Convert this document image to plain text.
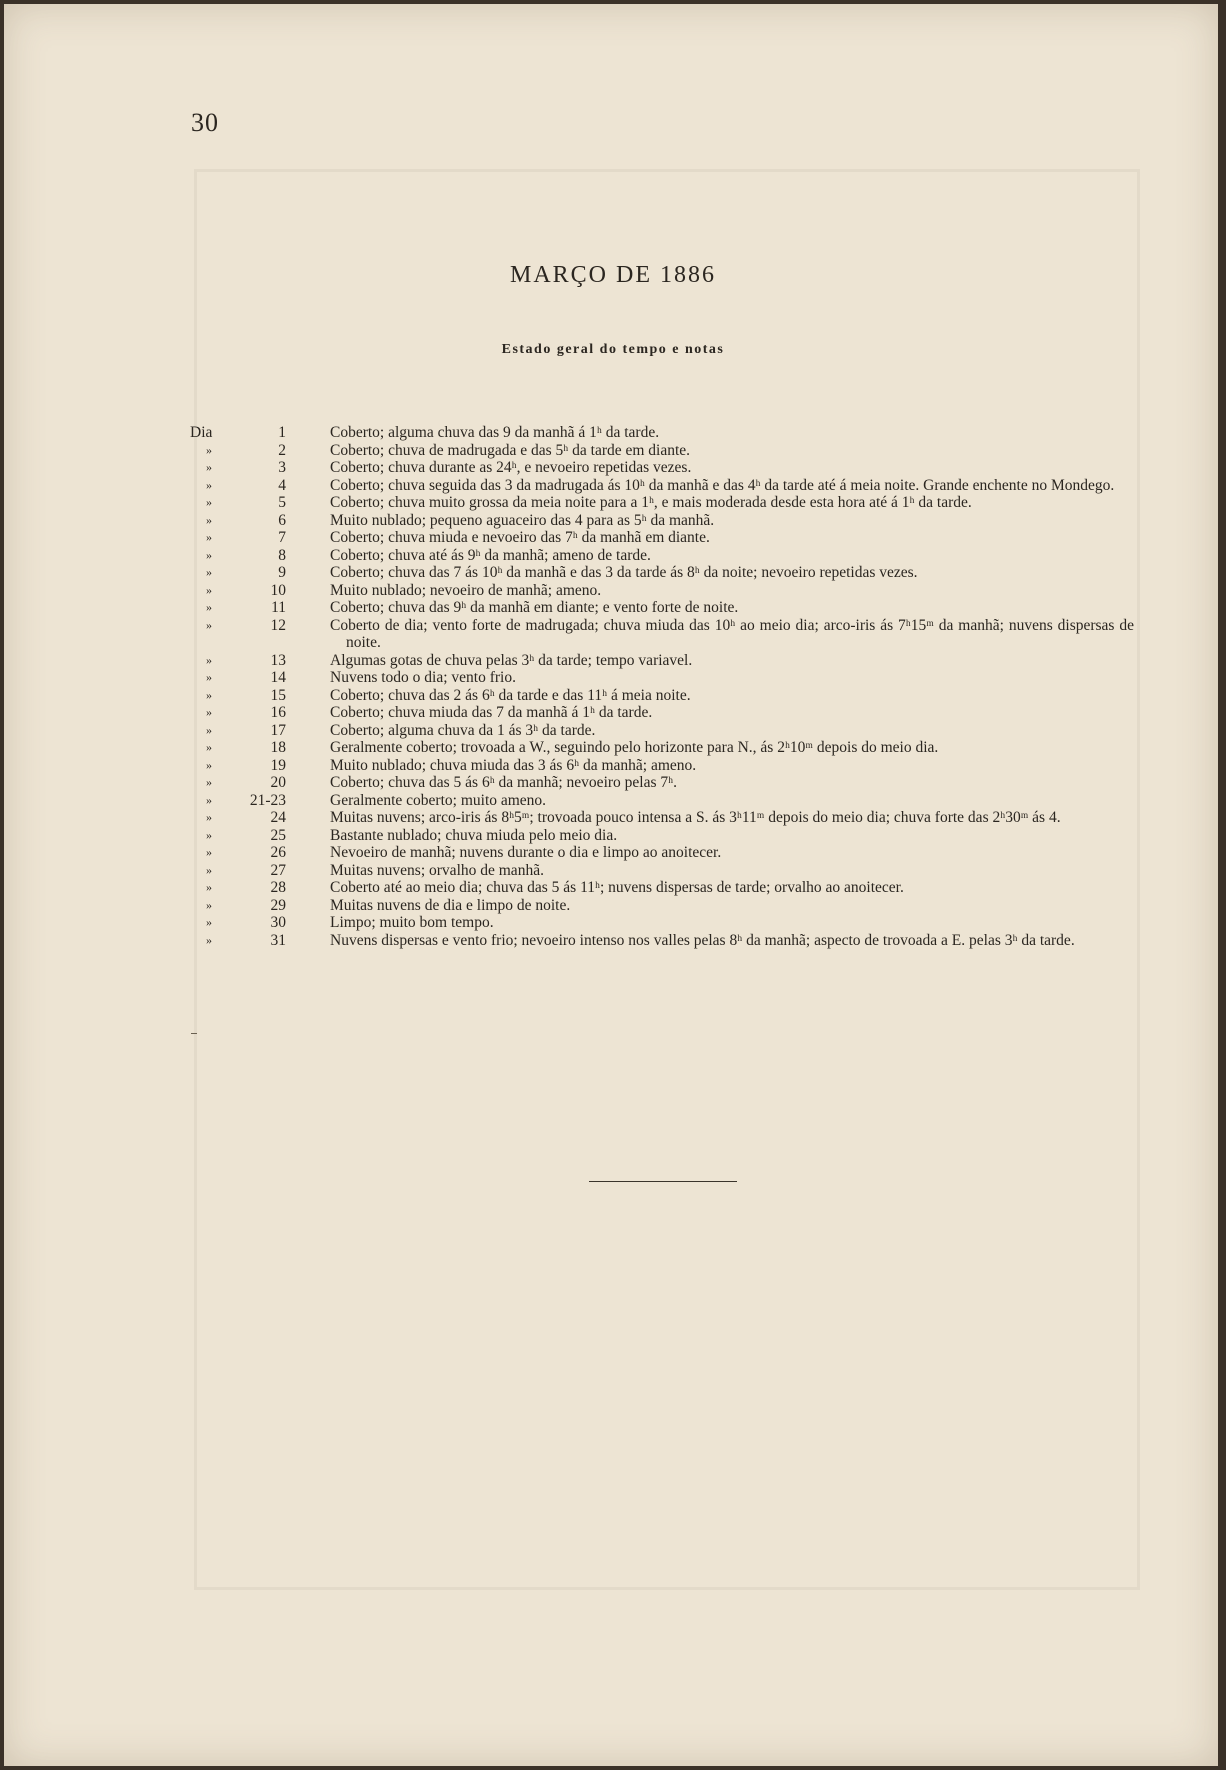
30
MARÇO DE 1886
Estado geral do tempo e notas
Dia	1	Coberto; alguma chuva das 9 da manhã á 1ʰ da tarde.
»	2	Coberto; chuva de madrugada e das 5ʰ da tarde em diante.
»	3	Coberto; chuva durante as 24ʰ, e nevoeiro repetidas vezes.
»	4	Coberto; chuva seguida das 3 da madrugada ás 10ʰ da manhã e das 4ʰ da tarde até á meia noite. Grande enchente no Mondego.
»	5	Coberto; chuva muito grossa da meia noite para a 1ʰ, e mais moderada desde esta hora até á 1ʰ da tarde.
»	6	Muito nublado; pequeno aguaceiro das 4 para as 5ʰ da manhã.
»	7	Coberto; chuva miuda e nevoeiro das 7ʰ da manhã em diante.
»	8	Coberto; chuva até ás 9ʰ da manhã; ameno de tarde.
»	9	Coberto; chuva das 7 ás 10ʰ da manhã e das 3 da tarde ás 8ʰ da noite; nevoeiro repetidas vezes.
»	10	Muito nublado; nevoeiro de manhã; ameno.
»	11	Coberto; chuva das 9ʰ da manhã em diante; e vento forte de noite.
»	12	Coberto de dia; vento forte de madrugada; chuva miuda das 10ʰ ao meio dia; arco-iris ás 7ʰ15ᵐ da manhã; nuvens dispersas de noite.
»	13	Algumas gotas de chuva pelas 3ʰ da tarde; tempo variavel.
»	14	Nuvens todo o dia; vento frio.
»	15	Coberto; chuva das 2 ás 6ʰ da tarde e das 11ʰ á meia noite.
»	16	Coberto; chuva miuda das 7 da manhã á 1ʰ da tarde.
»	17	Coberto; alguma chuva da 1 ás 3ʰ da tarde.
»	18	Geralmente coberto; trovoada a W., seguindo pelo horizonte para N., ás 2ʰ10ᵐ depois do meio dia.
»	19	Muito nublado; chuva miuda das 3 ás 6ʰ da manhã; ameno.
»	20	Coberto; chuva das 5 ás 6ʰ da manhã; nevoeiro pelas 7ʰ.
»	21-23	Geralmente coberto; muito ameno.
»	24	Muitas nuvens; arco-iris ás 8ʰ5ᵐ; trovoada pouco intensa a S. ás 3ʰ11ᵐ depois do meio dia; chuva forte das 2ʰ30ᵐ ás 4.
»	25	Bastante nublado; chuva miuda pelo meio dia.
»	26	Nevoeiro de manhã; nuvens durante o dia e limpo ao anoitecer.
»	27	Muitas nuvens; orvalho de manhã.
»	28	Coberto até ao meio dia; chuva das 5 ás 11ʰ; nuvens dispersas de tarde; orvalho ao anoitecer.
»	29	Muitas nuvens de dia e limpo de noite.
»	30	Limpo; muito bom tempo.
»	31	Nuvens dispersas e vento frio; nevoeiro intenso nos valles pelas 8ʰ da manhã; aspecto de trovoada a E. pelas 3ʰ da tarde.
